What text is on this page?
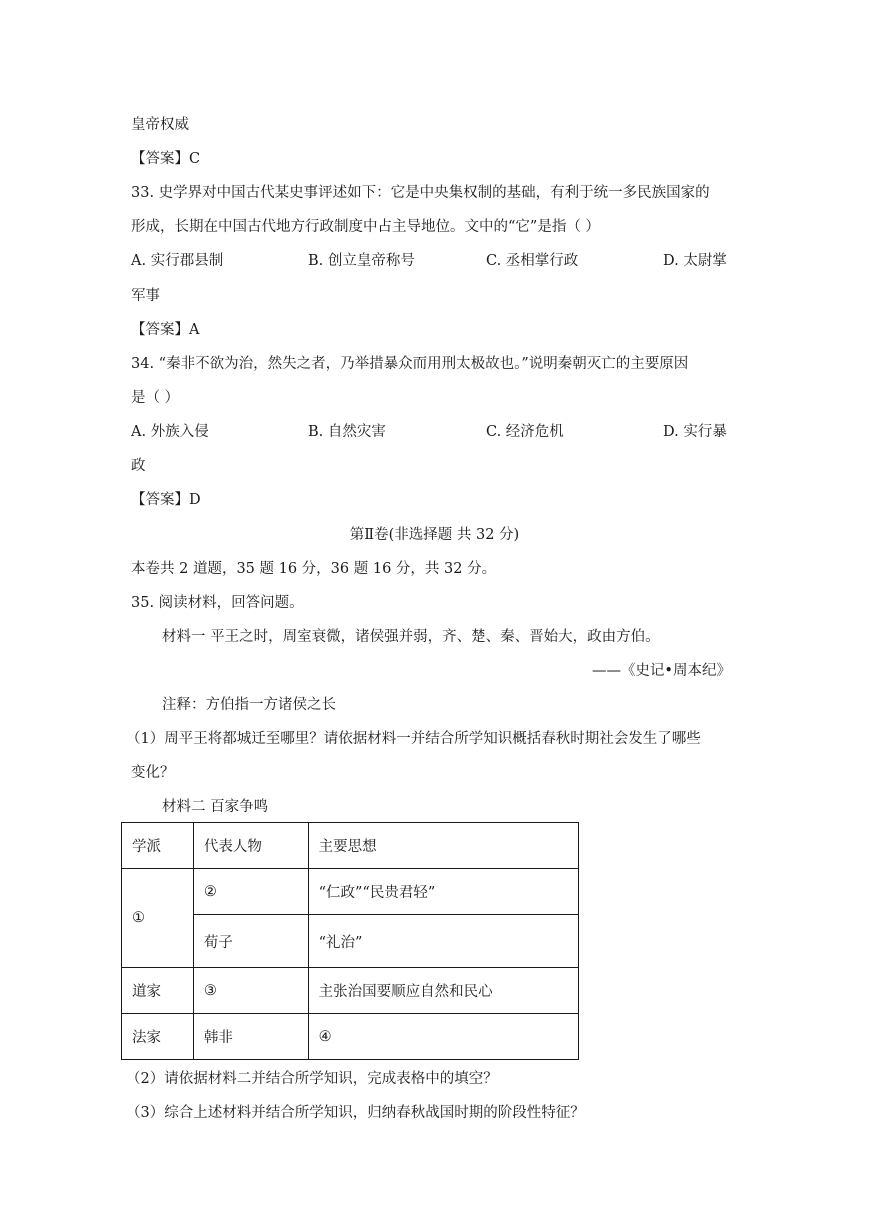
皇帝权威
【答案】C
33. 史学界对中国古代某史事评述如下：它是中央集权制的基础，有利于统一多民族国家的
形成，长期在中国古代地方行政制度中占主导地位。文中的“它”是指（ ）
A. 实行郡县制	B. 创立皇帝称号	C. 丞相掌行政	D. 太尉掌
军事
【答案】A
34. “秦非不欲为治，然失之者，乃举措暴众而用刑太极故也。”说明秦朝灭亡的主要原因
是（ ）
A. 外族入侵	B. 自然灾害	C. 经济危机	D. 实行暴
政
【答案】D
第Ⅱ卷(非选择题 共 32 分)
本卷共 2 道题，35 题 16 分，36 题 16 分，共 32 分。
35. 阅读材料，回答问题。
材料一 平王之时，周室衰微，诸侯强并弱，齐、楚、秦、晋始大，政由方伯。
——《史记•周本纪》
注释：方伯指一方诸侯之长
（1）周平王将都城迁至哪里？请依据材料一并结合所学知识概括春秋时期社会发生了哪些
变化？
材料二 百家争鸣
学派	代表人物	主要思想
①	②	“仁政”“民贵君轻”
	荀子	“礼治”
道家	③	主张治国要顺应自然和民心
法家	韩非	④
（2）请依据材料二并结合所学知识，完成表格中的填空？
（3）综合上述材料并结合所学知识，归纳春秋战国时期的阶段性特征？
